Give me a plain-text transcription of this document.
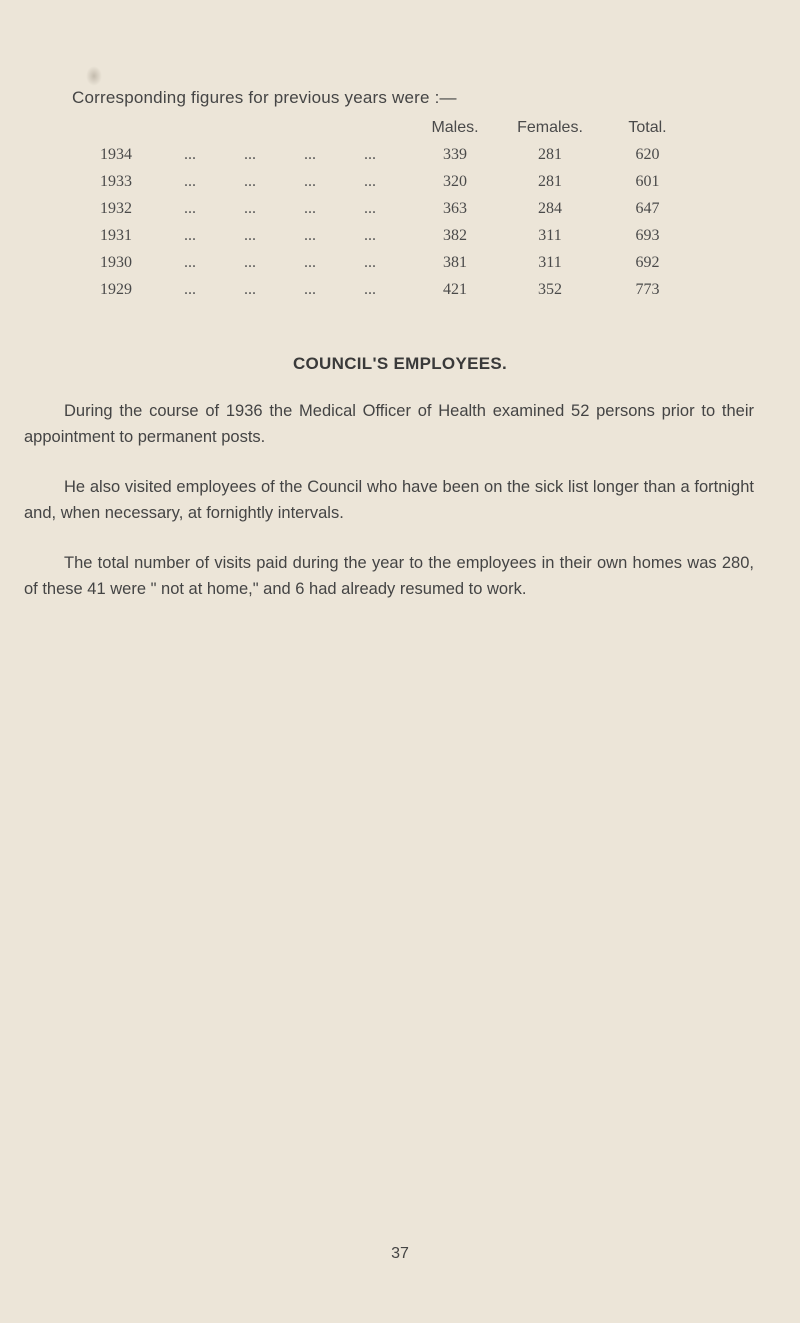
Corresponding figures for previous years were :—
		Males.	Females.	Total.
1934	... ... ... ...	339	281	620
1933	... ... ... ...	320	281	601
1932	... ... ... ...	363	284	647
1931	... ... ... ...	382	311	693
1930	... ... ... ...	381	311	692
1929	... ... ... ...	421	352	773
COUNCIL'S EMPLOYEES.
During the course of 1936 the Medical Officer of Health examined 52 persons prior to their appointment to permanent posts.
He also visited employees of the Council who have been on the sick list longer than a fortnight and, when necessary, at fornightly intervals.
The total number of visits paid during the year to the employees in their own homes was 280, of these 41 were " not at home," and 6 had already resumed to work.
37
